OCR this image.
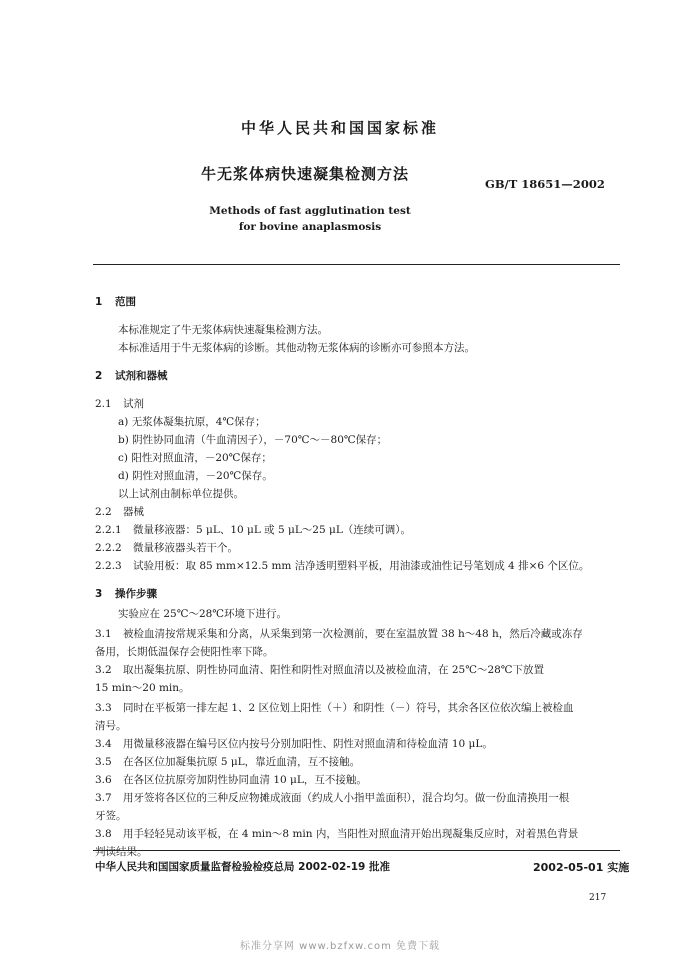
中华人民共和国国家标准
牛无浆体病快速凝集检测方法
GB/T 18651—2002
Methods of fast agglutination test
for bovine anaplasmosis
1 范围
本标准规定了牛无浆体病快速凝集检测方法。
本标准适用于牛无浆体病的诊断。其他动物无浆体病的诊断亦可参照本方法。
2 试剂和器械
2.1 试剂
a) 无浆体凝集抗原，4℃保存；
b) 阴性协同血清（牛血清因子），－70℃～－80℃保存；
c) 阳性对照血清，－20℃保存；
d) 阴性对照血清，－20℃保存。
以上试剂由制标单位提供。
2.2 器械
2.2.1 微量移液器：5 μL、10 μL 或 5 μL～25 μL（连续可调）。
2.2.2 微量移液器头若干个。
2.2.3 试验用板：取 85 mm×12.5 mm 洁净透明塑料平板，用油漆或油性记号笔划成 4 排×6 个区位。
3 操作步骤
实验应在 25℃～28℃环境下进行。
3.1 被检血清按常规采集和分离，从采集到第一次检测前，要在室温放置 38 h～48 h，然后冷藏或冻存
备用，长期低温保存会使阳性率下降。
3.2 取出凝集抗原、阴性协同血清、阳性和阴性对照血清以及被检血清，在 25℃～28℃下放置
15 min～20 min。
3.3 同时在平板第一排左起 1、2 区位划上阳性（＋）和阴性（－）符号，其余各区位依次编上被检血
清号。
3.4 用微量移液器在编号区位内按号分别加阳性、阴性对照血清和待检血清 10 μL。
3.5 在各区位加凝集抗原 5 μL，靠近血清，互不接触。
3.6 在各区位抗原旁加阴性协同血清 10 μL，互不接触。
3.7 用牙签将各区位的三种反应物摊成液面（约成人小指甲盖面积），混合均匀。做一份血清换用一根
牙签。
3.8 用手轻轻晃动该平板，在 4 min～8 min 内，当阳性对照血清开始出现凝集反应时，对着黑色背景
判读结果。
中华人民共和国国家质量监督检验检疫总局 2002-02-19 批准	2002-05-01 实施
217
标准分享网 www.bzfxw.com 免费下载
